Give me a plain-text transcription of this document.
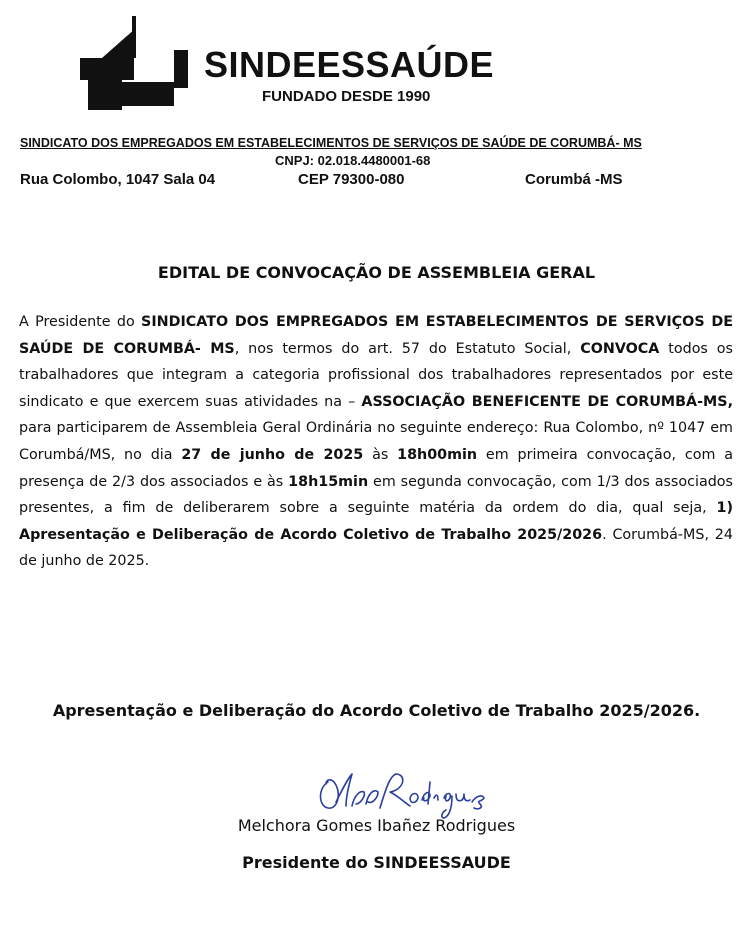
SINDEESSAÚDE
FUNDADO DESDE 1990
SINDICATO DOS EMPREGADOS EM ESTABELECIMENTOS DE SERVIÇOS DE SAÚDE DE CORUMBÁ- MS
CNPJ: 02.018.4480001-68
Rua Colombo, 1047 Sala 04	CEP 79300-080	Corumbá -MS
EDITAL DE CONVOCAÇÃO DE ASSEMBLEIA GERAL
A Presidente do SINDICATO DOS EMPREGADOS EM ESTABELECIMENTOS DE SERVIÇOS DE SAÚDE DE CORUMBÁ- MS, nos termos do art. 57 do Estatuto Social, CONVOCA todos os trabalhadores que integram a categoria profissional dos trabalhadores representados por este sindicato e que exercem suas atividades na – ASSOCIAÇÃO BENEFICENTE DE CORUMBÁ-MS, para participarem de Assembleia Geral Ordinária no seguinte endereço: Rua Colombo, nº 1047 em Corumbá/MS, no dia 27 de junho de 2025 às 18h00min em primeira convocação, com a presença de 2/3 dos associados e às 18h15min em segunda convocação, com 1/3 dos associados presentes, a fim de deliberarem sobre a seguinte matéria da ordem do dia, qual seja, 1) Apresentação e Deliberação de Acordo Coletivo de Trabalho 2025/2026. Corumbá-MS, 24 de junho de 2025.
Apresentação e Deliberação do Acordo Coletivo de Trabalho 2025/2026.
Melchora Gomes Ibañez Rodrigues
Presidente do SINDEESSAUDE
